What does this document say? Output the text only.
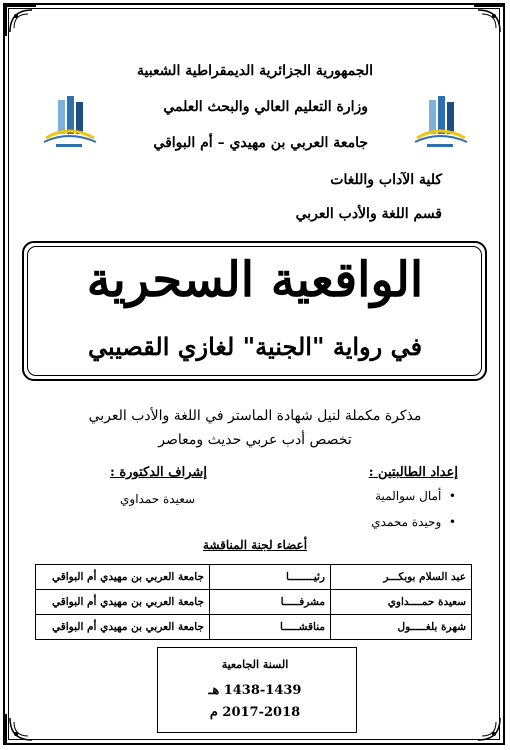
الجمهورية الجزائرية الديمقراطية الشعبية
وزارة التعليم العالي والبحث العلمي
جامعة العربي بن مهيدي – أم البواقي
كلية الآداب واللغات
قسم اللغة والأدب العربي
الواقعية السحرية
في رواية "الجنية" لغازي القصيبي
مذكرة مكملة لنيل شهادة الماستر في اللغة والأدب العربي
تخصص أدب عربي حديث ومعاصر
إعداد الطالبتين :
•  أمال سوالمية
•  وحيدة محمدي
إشراف الدكتورة :
سعيدة حمداوي
أعضاء لجنة المناقشة
عبد السلام بوبكـــر	رئيــــــــا	جامعة العربي بن مهيدي أم البواقي
سعيدة حمــــداوي	مشرفـــــا	جامعة العربي بن مهيدي أم البواقي
شهرة بلغـــــول	مناقشـــــا	جامعة العربي بن مهيدي أم البواقي
السنة الجامعية
1438-1439 هـ
2017-2018 م
